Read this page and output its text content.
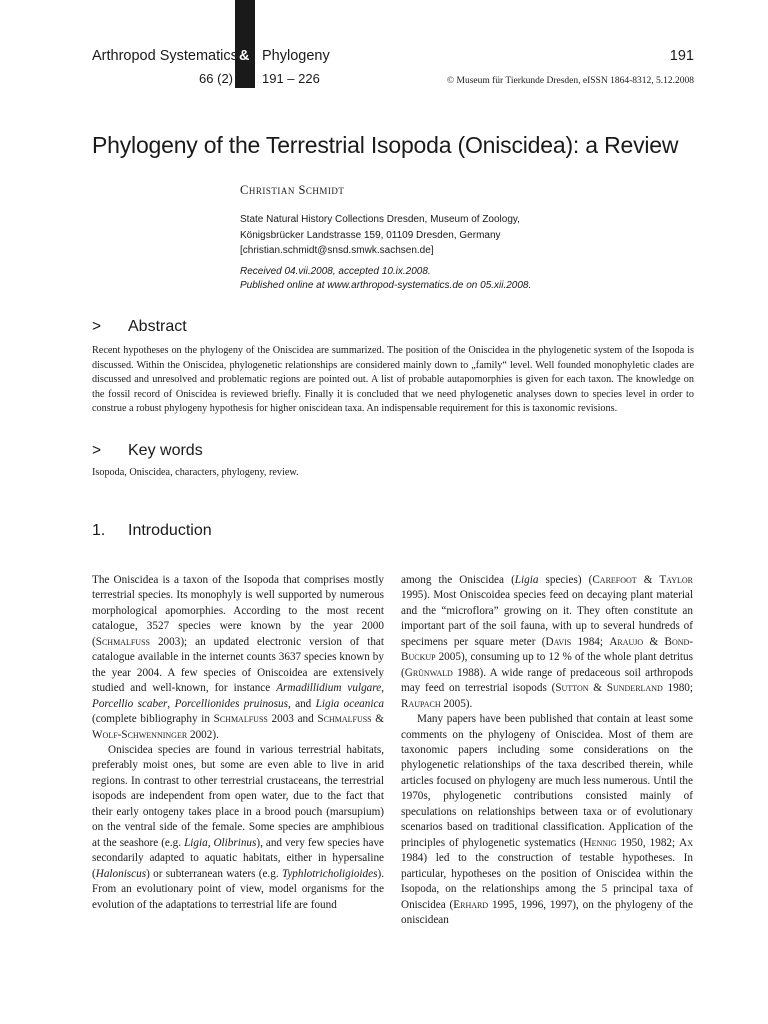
Arthropod Systematics & Phylogeny	191
66 (2) 191 – 226	© Museum für Tierkunde Dresden, eISSN 1864-8312, 5.12.2008
Phylogeny of the Terrestrial Isopoda (Oniscidea): a Review
Christian Schmidt
State Natural History Collections Dresden, Museum of Zoology,
Königsbrücker Landstrasse 159, 01109 Dresden, Germany
[christian.schmidt@snsd.smwk.sachsen.de]
Received 04.vii.2008, accepted 10.ix.2008.
Published online at www.arthropod-systematics.de on 05.xii.2008.
> Abstract
Recent hypotheses on the phylogeny of the Oniscidea are summarized. The position of the Oniscidea in the phylogenetic system of the Isopoda is discussed. Within the Oniscidea, phylogenetic relationships are considered mainly down to „family“ level. Well founded monophyletic clades are discussed and unresolved and problematic regions are pointed out. A list of probable autapomorphies is given for each taxon. The knowledge on the fossil record of Oniscidea is reviewed briefly. Finally it is concluded that we need phylogenetic analyses down to species level in order to construe a robust phylogeny hypothesis for higher oniscidean taxa. An indispensable requirement for this is taxonomic revisions.
> Key words
Isopoda, Oniscidea, characters, phylogeny, review.
1. Introduction

The Oniscidea is a taxon of the Isopoda that comprises mostly terrestrial species. Its monophyly is well supported by numerous morphological apomorphies. According to the most recent catalogue, 3527 species were known by the year 2000 (Schmalfuss 2003); an updated electronic version of that catalogue available in the internet counts 3637 species known by the year 2004. A few species of Oniscoidea are extensively studied and well-known, for instance Armadillidium vulgare, Porcellio scaber, Porcellionides pruinosus, and Ligia oceanica (complete bibliography in Schmalfuss 2003 and Schmalfuss & Wolf-Schwenninger 2002).

Oniscidea species are found in various terrestrial habitats, preferably moist ones, but some are even able to live in arid regions. In contrast to other terrestrial crustaceans, the terrestrial isopods are independent from open water, due to the fact that their early ontogeny takes place in a brood pouch (marsupium) on the ventral side of the female. Some species are amphibious at the seashore (e.g. Ligia, Olibrinus), and very few species have secondarily adapted to aquatic habitats, either in hypersaline (Haloniscus) or subterranean waters (e.g. Typhlotricholigioides). From an evolutionary point of view, model organisms for the evolution of the adaptations to terrestrial life are found

among the Oniscidea (Ligia species) (Carefoot & Taylor 1995). Most Oniscoidea species feed on decaying plant material and the “microflora” growing on it. They often constitute an important part of the soil fauna, with up to several hundreds of specimens per square meter (Davis 1984; Araujo & Bond-Buckup 2005), consuming up to 12 % of the whole plant detritus (Grünwald 1988). A wide range of predaceous soil arthropods may feed on terrestrial isopods (Sutton & Sunderland 1980; Raupach 2005).

Many papers have been published that contain at least some comments on the phylogeny of Oniscidea. Most of them are taxonomic papers including some considerations on the phylogenetic relationships of the taxa described therein, while articles focused on phylogeny are much less numerous. Until the 1970s, phylogenetic contributions consisted mainly of speculations on relationships between taxa or of evolutionary scenarios based on traditional classification. Application of the principles of phylogenetic systematics (Hennig 1950, 1982; Ax 1984) led to the construction of testable hypotheses. In particular, hypotheses on the position of Oniscidea within the Isopoda, on the relationships among the 5 principal taxa of Oniscidea (Erhard 1995, 1996, 1997), on the phylogeny of the oniscidean
